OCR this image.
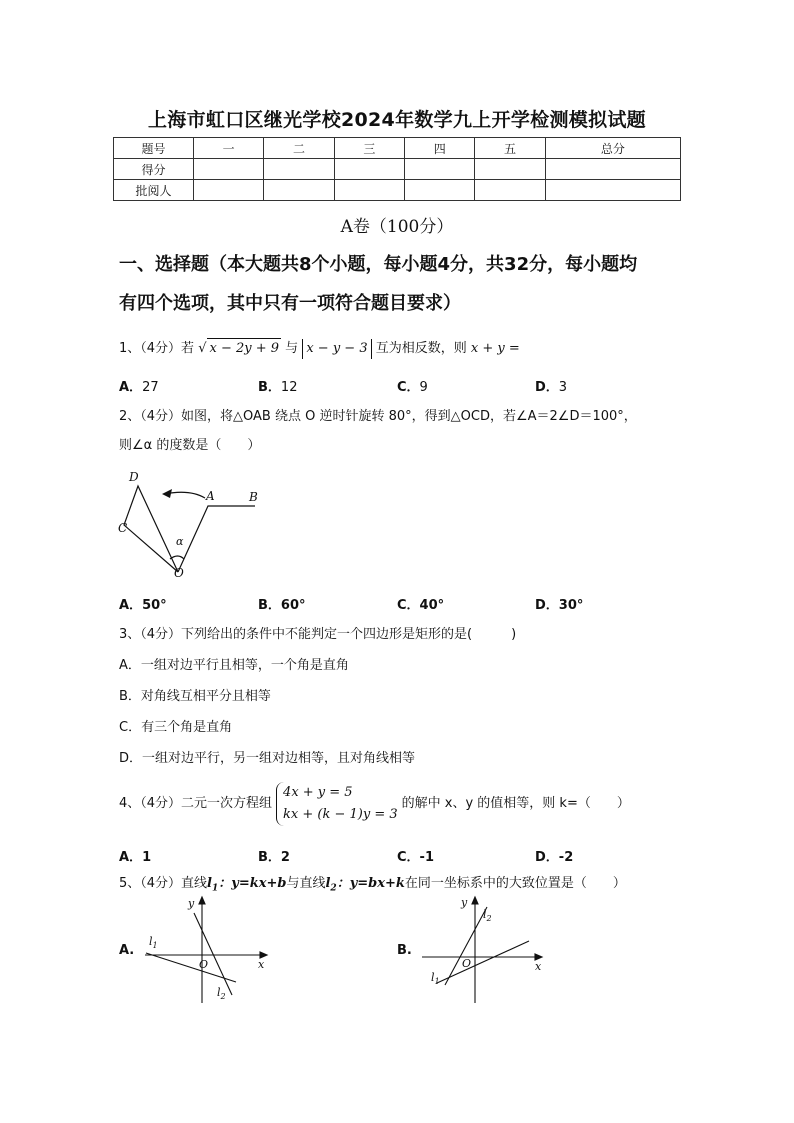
上海市虹口区继光学校2024年数学九上开学检测模拟试题
题号	一	二	三	四	五	总分
得分						
批阅人						
A卷（100分）
一、选择题（本大题共8个小题，每小题4分，共32分，每小题均
有四个选项，其中只有一项符合题目要求）
1、（4分）若 √ x − 2y + 9 与 x − y − 3 互为相反数，则 x + y =
A．27	B．12	C．9	D．3
2、（4分）如图，将△OAB 绕点 O 逆时针旋转 80°，得到△OCD，若∠A＝2∠D＝100°，
则∠α 的度数是（　　）
D
A	B
C
O
α
A．50°	B．60°	C．40°	D．30°
3、（4分）下列给出的条件中不能判定一个四边形是矩形的是(　　　)
A．一组对边平行且相等，一个角是直角
B．对角线互相平分且相等
C．有三个角是直角
D．一组对边平行，另一组对边相等，且对角线相等
4、（4分）二元一次方程组
4x + y = 5
kx + (k − 1)y = 3
的解中 x、y 的值相等，则 k=（　　）
A．1	B．2	C．-1	D．-2
5、（4分）直线$l_1$：y=kx+b与直线$l_2$：y=bx+k在同一坐标系中的大致位置是（　　）
A.
y
x
O
$l_1$
$l_2$
B.
y
x
O
$l_1$
$l_2$
